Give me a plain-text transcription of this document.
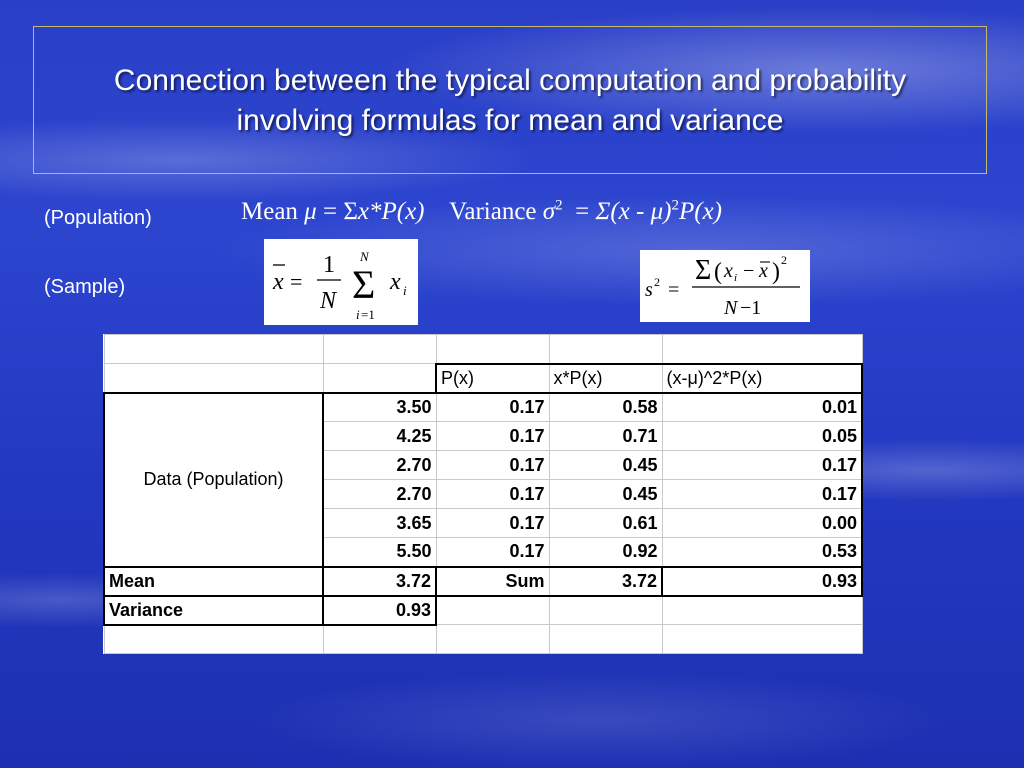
Connection between the typical computation and probability
involving formulas for mean and variance
(Population)
(Sample)
Mean μ = Σx*P(x) Variance $\sigma^2 = \Sigma(x - \mu)^2P(x)$
x =
1
N
N
Σ
i =1
x i	s 2 =
Σ ( x i − x ) 2
N −1

		P(x)	x*P(x)	(x-μ)^2*P(x)
Data (Population)	3.50	0.17	0.58	0.01
	4.25	0.17	0.71	0.05
	2.70	0.17	0.45	0.17
	2.70	0.17	0.45	0.17
	3.65	0.17	0.61	0.00
	5.50	0.17	0.92	0.53
Mean	3.72	Sum	3.72	0.93
Variance	0.93			
